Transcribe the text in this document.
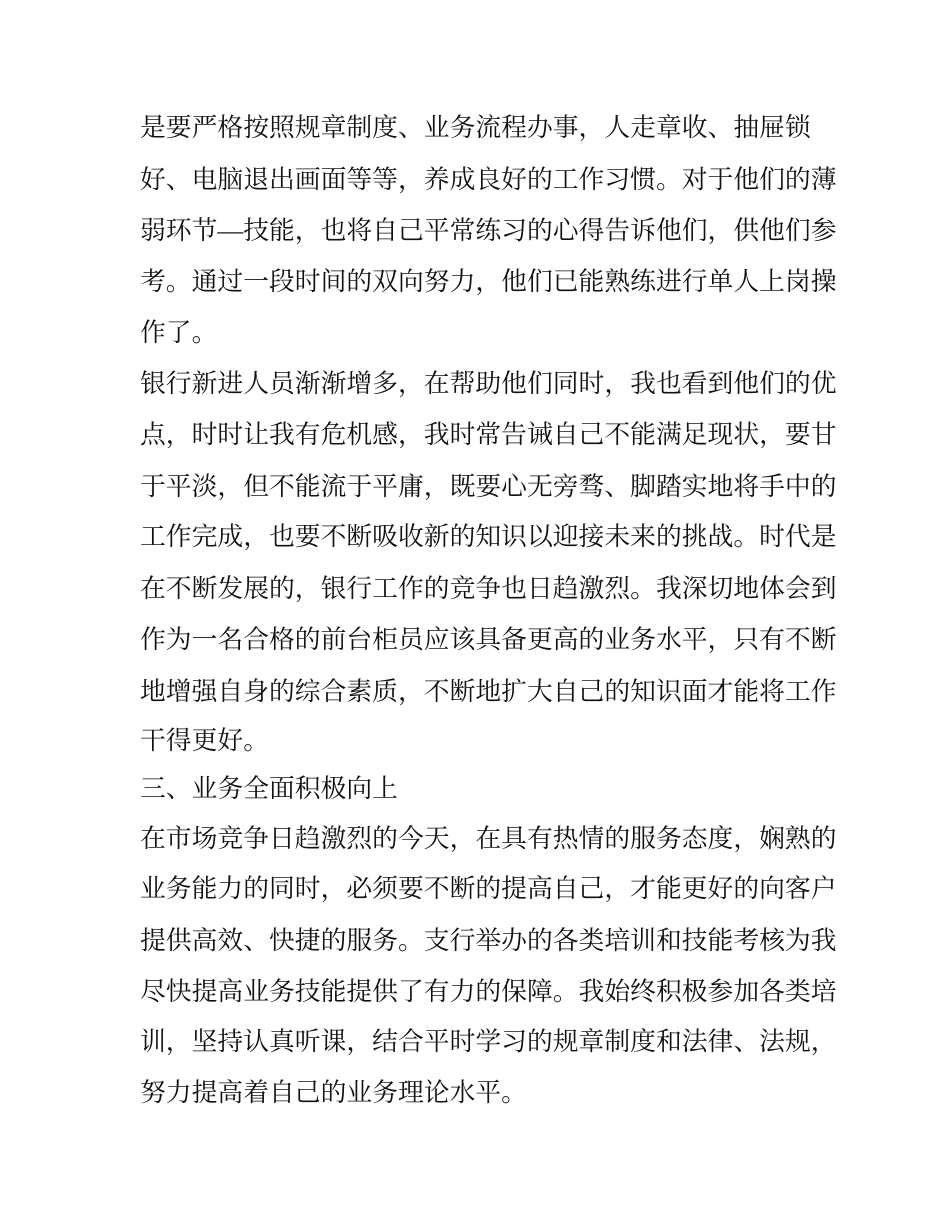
是要严格按照规章制度、业务流程办事，人走章收、抽屉锁
好、电脑退出画面等等，养成良好的工作习惯。对于他们的薄
弱环节—技能，也将自己平常练习的心得告诉他们，供他们参
考。通过一段时间的双向努力，他们已能熟练进行单人上岗操
作了。
银行新进人员渐渐增多，在帮助他们同时，我也看到他们的优
点，时时让我有危机感，我时常告诫自己不能满足现状，要甘
于平淡，但不能流于平庸，既要心无旁骛、脚踏实地将手中的
工作完成，也要不断吸收新的知识以迎接未来的挑战。时代是
在不断发展的，银行工作的竞争也日趋激烈。我深切地体会到
作为一名合格的前台柜员应该具备更高的业务水平，只有不断
地增强自身的综合素质，不断地扩大自己的知识面才能将工作
干得更好。
三、业务全面积极向上
在市场竞争日趋激烈的今天，在具有热情的服务态度，娴熟的
业务能力的同时，必须要不断的提高自己，才能更好的向客户
提供高效、快捷的服务。支行举办的各类培训和技能考核为我
尽快提高业务技能提供了有力的保障。我始终积极参加各类培
训，坚持认真听课，结合平时学习的规章制度和法律、法规，
努力提高着自己的业务理论水平。
